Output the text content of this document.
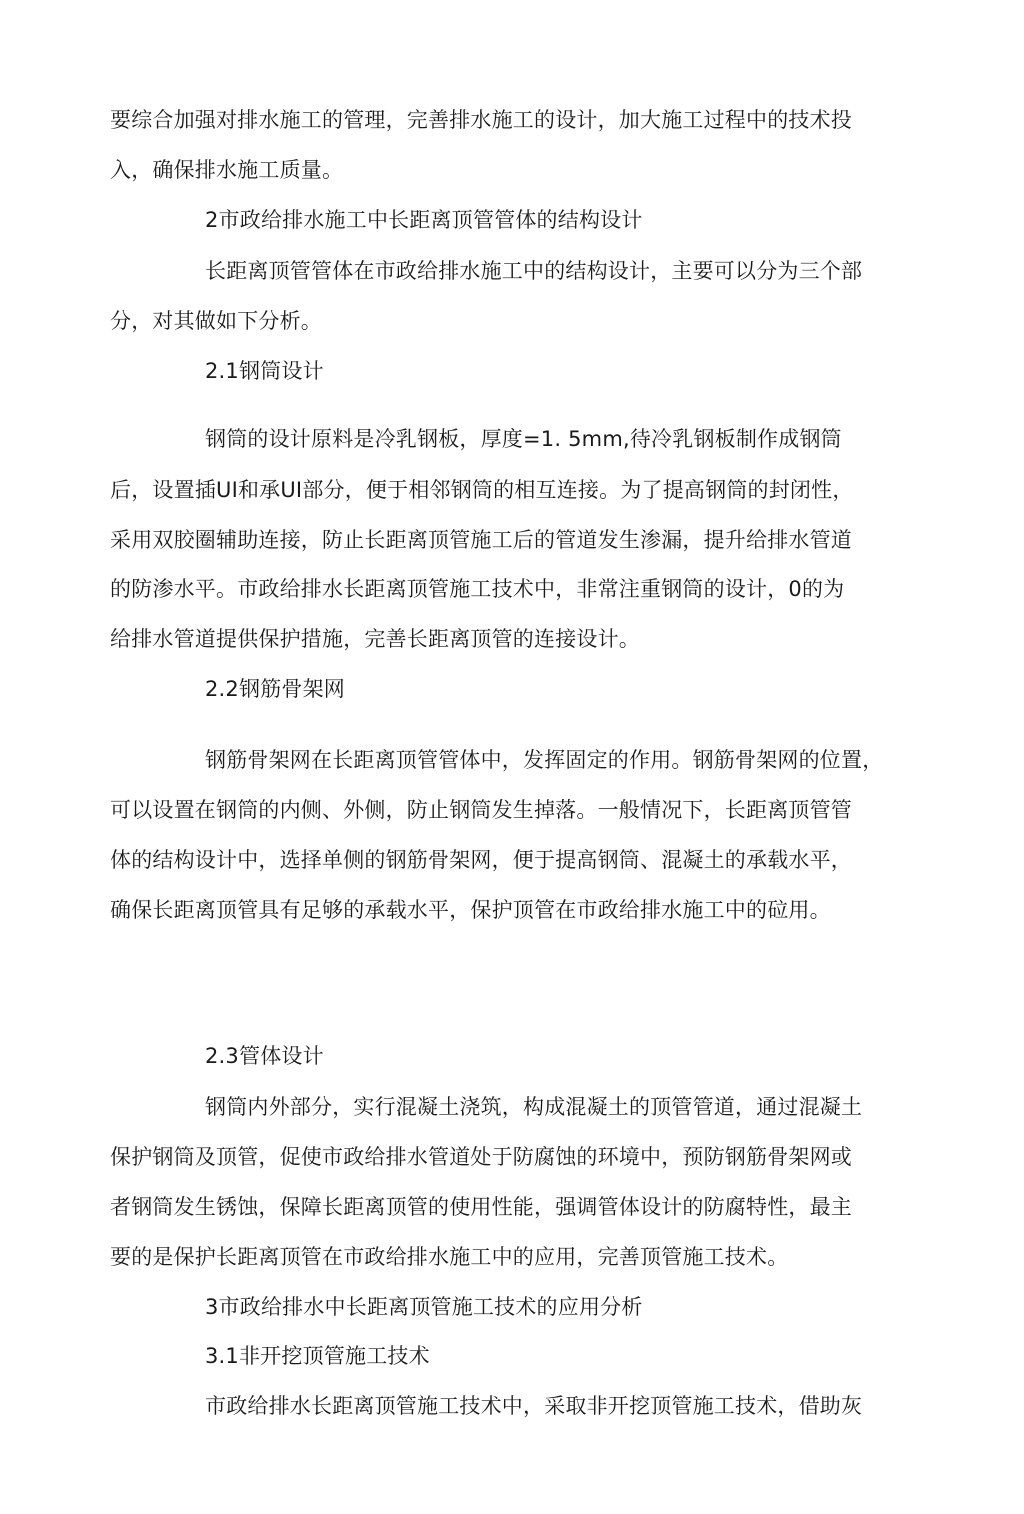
要综合加强对排水施工的管理，完善排水施工的设计，加大施工过程中的技术投
入，确保排水施工质量。
2市政给排水施工中长距离顶管管体的结构设计
长距离顶管管体在市政给排水施工中的结构设计，主要可以分为三个部
分，对其做如下分析。
2.1钢筒设计
钢筒的设计原料是冷乳钢板，厚度=1. 5mm,待冷乳钢板制作成钢筒
后，设置插UI和承UI部分，便于相邻钢筒的相互连接。为了提高钢筒的封闭性，
采用双胶圈辅助连接，防止长距离顶管施工后的管道发生渗漏，提升给排水管道
的防渗水平。市政给排水长距离顶管施工技术中，非常注重钢筒的设计，0的为
给排水管道提供保护措施，完善长距离顶管的连接设计。
2.2钢筋骨架网
钢筋骨架网在长距离顶管管体中，发挥固定的作用。钢筋骨架网的位置，
可以设置在钢筒的内侧、外侧，防止钢筒发生掉落。一般情况下，长距离顶管管
体的结构设计中，选择单侧的钢筋骨架网，便于提高钢筒、混凝土的承载水平，
确保长距离顶管具有足够的承载水平，保护顶管在市政给排水施工中的砬用。
2.3管体设计
钢筒内外部分，实行混凝土浇筑，构成混凝土的顶管管道，通过混凝土
保护钢筒及顶管，促使市政给排水管道处于防腐蚀的环境中，预防钢筋骨架网或
者钢筒发生锈蚀，保障长距离顶管的使用性能，强调管体设计的防腐特性，最主
要的是保护长距离顶管在市政给排水施工中的应用，完善顶管施工技术。
3市政给排水中长距离顶管施工技术的应用分析
3.1非开挖顶管施工技术
市政给排水长距离顶管施工技术中，采取非开挖顶管施工技术，借助灰
